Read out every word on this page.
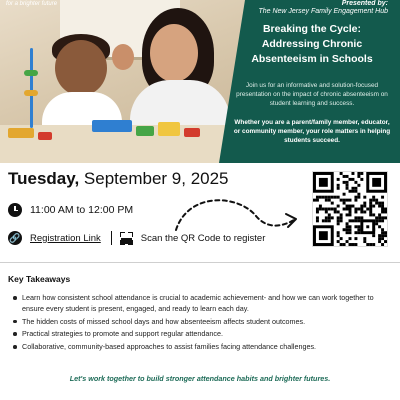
for a brighter future	Presented by:
The New Jersey Family Engagement Hub
Breaking the Cycle:
Addressing Chronic
Absenteeism in Schools
Join us for an informative and solution-focused presentation on the impact of chronic absenteeism on student learning and success.
Whether you are a parent/family member, educator, or community member, your role matters in helping students succeed.
Tuesday, September 9, 2025
11:00 AM to 12:00 PM
🔗 Registration Link	Scan the QR Code to register
Key Takeaways
Learn how consistent school attendance is crucial to academic achievement- and how we can work together to ensure every student is present, engaged, and ready to learn each day.
The hidden costs of missed school days and how absenteeism affects student outcomes.
Practical strategies to promote and support regular attendance.
Collaborative, community-based approaches to assist families facing attendance challenges.
Let's work together to build stronger attendance habits and brighter futures.
